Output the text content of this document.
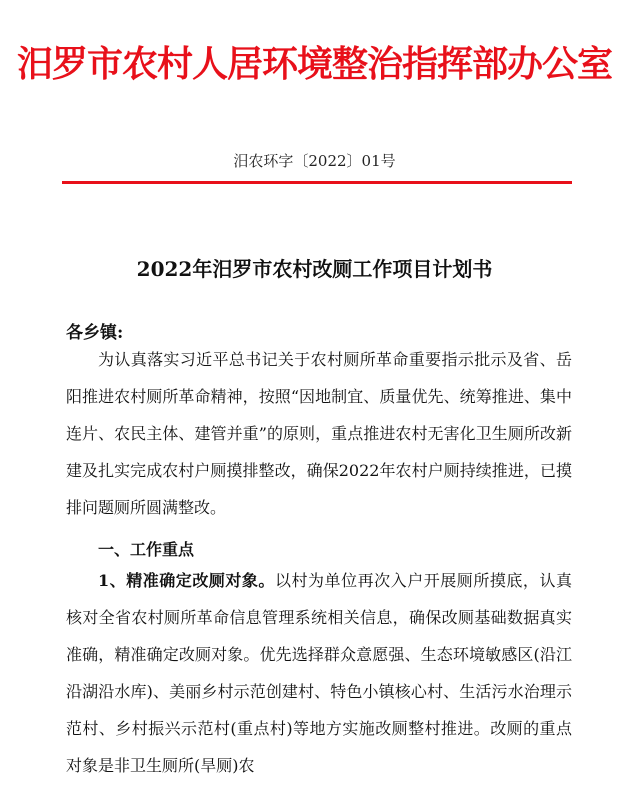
汨罗市农村人居环境整治指挥部办公室
汨农环字〔2022〕01号
2022年汨罗市农村改厕工作项目计划书
各乡镇:
为认真落实习近平总书记关于农村厕所革命重要指示批示及省、岳阳推进农村厕所革命精神，按照“因地制宜、质量优先、统筹推进、集中连片、农民主体、建管并重”的原则，重点推进农村无害化卫生厕所改新建及扎实完成农村户厕摸排整改，确保2022年农村户厕持续推进，已摸排问题厕所圆满整改。
一、工作重点
1、精准确定改厕对象。以村为单位再次入户开展厕所摸底，认真核对全省农村厕所革命信息管理系统相关信息，确保改厕基础数据真实准确，精准确定改厕对象。优先选择群众意愿强、生态环境敏感区(沿江沿湖沿水库)、美丽乡村示范创建村、特色小镇核心村、生活污水治理示范村、乡村振兴示范村(重点村)等地方实施改厕整村推进。改厕的重点对象是非卫生厕所(旱厕)农
